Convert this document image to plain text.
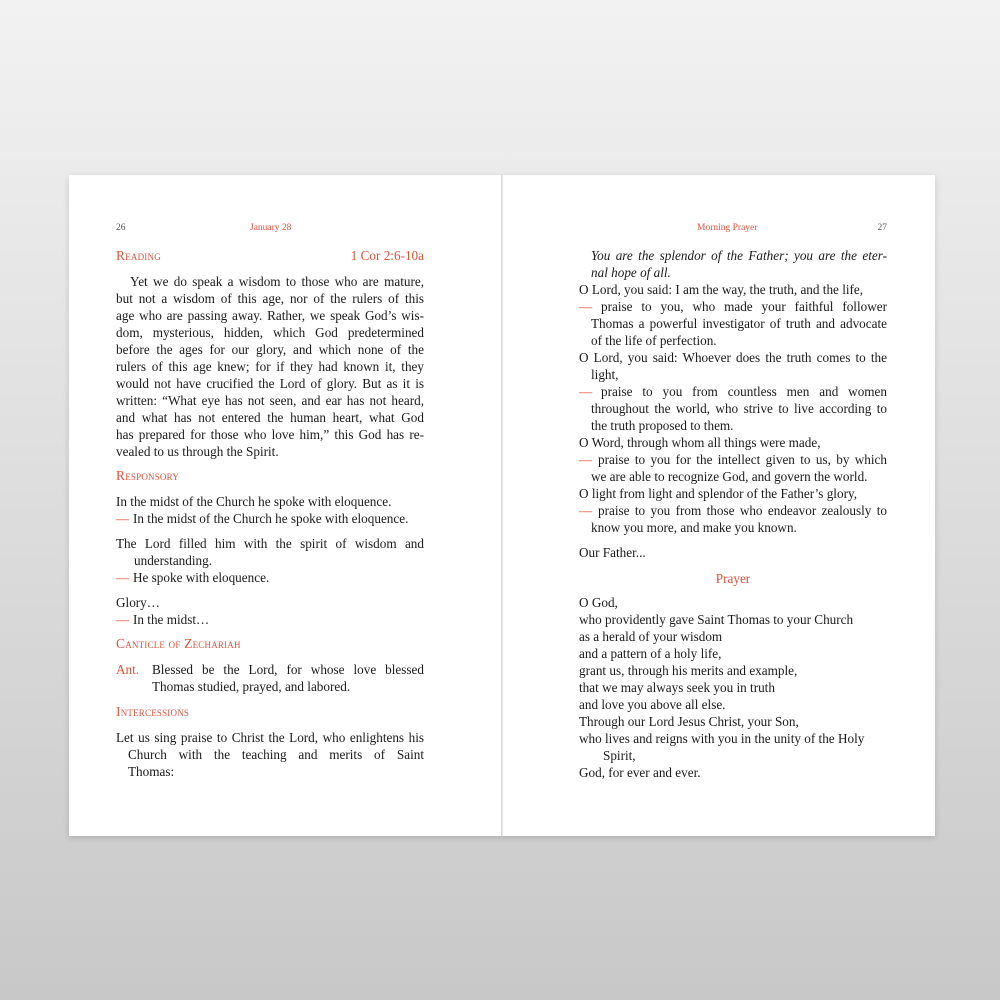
26	January 28
Reading	1 Cor 2:6-10a
Yet we do speak a wisdom to those who are mature,
but not a wisdom of this age, nor of the rulers of this
age who are passing away. Rather, we speak God’s wis-
dom, mysterious, hidden, which God predetermined
before the ages for our glory, and which none of the
rulers of this age knew; for if they had known it, they
would not have crucified the Lord of glory. But as it is
written: “What eye has not seen, and ear has not heard,
and what has not entered the human heart, what God
has prepared for those who love him,” this God has re-
vealed to us through the Spirit.
Responsory
In the midst of the Church he spoke with eloquence.
— In the midst of the Church he spoke with eloquence.
The Lord filled him with the spirit of wisdom and
understanding.
— He spoke with eloquence.
Glory…
— In the midst…
Canticle of Zechariah
Ant. Blessed be the Lord, for whose love blessed
Thomas studied, prayed, and labored.
Intercessions
Let us sing praise to Christ the Lord, who enlightens his
Church with the teaching and merits of Saint
Thomas:
Morning Prayer	27
You are the splendor of the Father; you are the eter-
nal hope of all.
O Lord, you said: I am the way, the truth, and the life,
— praise to you, who made your faithful follower
Thomas a powerful investigator of truth and advocate
of the life of perfection.
O Lord, you said: Whoever does the truth comes to the
light,
— praise to you from countless men and women
throughout the world, who strive to live according to
the truth proposed to them.
O Word, through whom all things were made,
— praise to you for the intellect given to us, by which
we are able to recognize God, and govern the world.
O light from light and splendor of the Father’s glory,
— praise to you from those who endeavor zealously to
know you more, and make you known.
Our Father...
Prayer
O God,
who providently gave Saint Thomas to your Church
as a herald of your wisdom
and a pattern of a holy life,
grant us, through his merits and example,
that we may always seek you in truth
and love you above all else.
Through our Lord Jesus Christ, your Son,
who lives and reigns with you in the unity of the Holy
Spirit,
God, for ever and ever.
